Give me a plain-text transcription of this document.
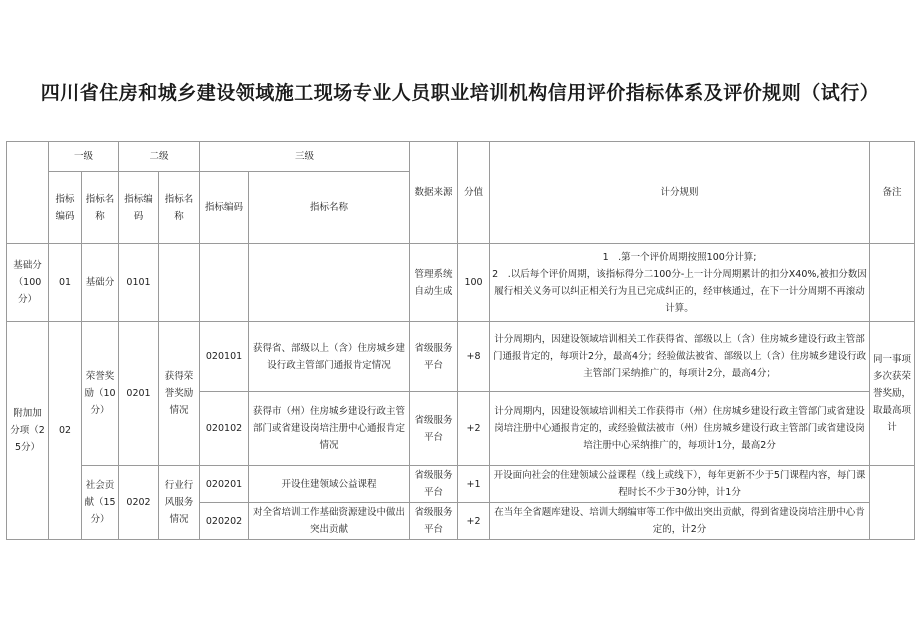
四川省住房和城乡建设领域施工现场专业人员职业培训机构信用评价指标体系及评价规则（试行）
	一级		二级		三级		数据来源	分值	计分规则	备注
	指标编码	指标名称	指标编码	指标名称	指标编码	指标名称				
基础分（100分）	01	基础分	0101				管理系统自动生成	100	1　.第一个评价周期按照100分计算;
2　.以后每个评价周期，该指标得分二100分-上一计分周期累计的扣分X40%,被扣分数因履行相关义务可以纠正相关行为且已完成纠正的，经审核通过，在下一计分周期不再滚动计算。	

附加加分项（25分）	02	荣誉奖励（10分）	0201	获得荣誉奖励情况	020101	获得省、部级以上（含）住房城乡建设行政主管部门通报肯定情况	省级服务平台	+8	计分周期内，因建设领域培训相关工作获得省、部级以上（含）住房城乡建设行政主管部门通报肯定的，每项计2分，最高4分；经验做法被省、部级以上（含）住房城乡建设行政主管部门采纳推广的，每项计2分，最高4分；	同一事项多次获荣誉奖励，取最高项计
					020102	获得市（州）住房城乡建设行政主管部门或省建设岗培注册中心通报肯定情况	省级服务平台	+2	计分周期内，因建设领域培训相关工作获得市（州）住房城乡建设行政主管部门或省建设岗培注册中心通报肯定的，或经验做法被市（州）住房城乡建设行政主管部门或省建设岗培注册中心采纳推广的，每项计1分，最高2分	
		社会贡献（15分）	0202	行业行风服务情况	020201	开设住建领域公益课程	省级服务平台	+1	开设面向社会的住建领域公益课程（线上或线下），每年更新不少于5门课程内容，每门课程时长不少于30分钟，计1分	
					020202	对全省培训工作基础资源建设中做出突出贡献	省级服务平台	+2	在当年全省题库建设、培训大纲编审等工作中做出突出贡献，得到省建设岗培注册中心肯定的，计2分	
